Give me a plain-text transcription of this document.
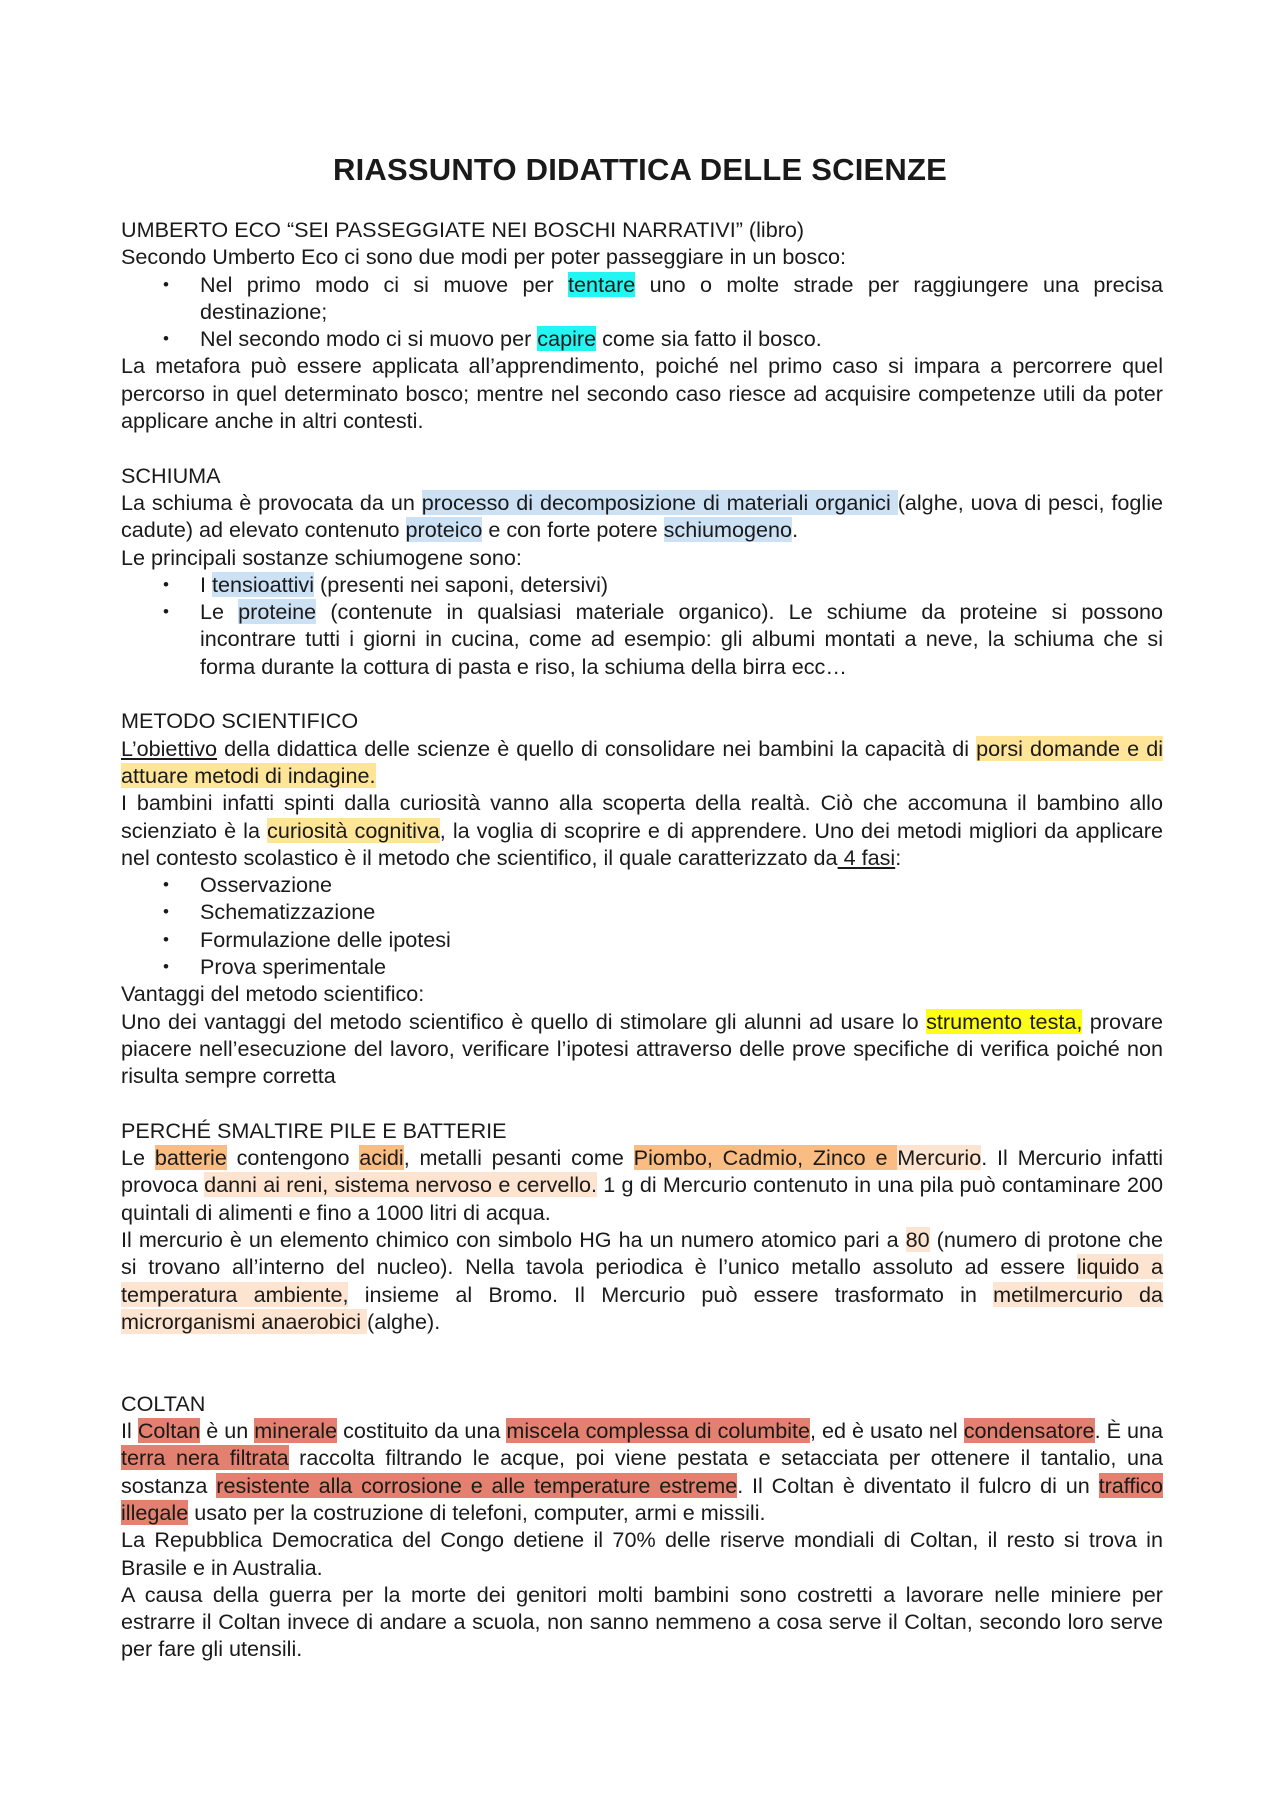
RIASSUNTO DIDATTICA DELLE SCIENZE
UMBERTO ECO “SEI PASSEGGIATE NEI BOSCHI NARRATIVI” (libro)

Secondo Umberto Eco ci sono due modi per poter passeggiare in un bosco:

• Nel primo modo ci si muove per tentare uno o molte strade per raggiungere una precisa destinazione;
• Nel secondo modo ci si muovo per capire come sia fatto il bosco.

La metafora può essere applicata all’apprendimento, poiché nel primo caso si impara a percorrere quel percorso in quel determinato bosco; mentre nel secondo caso riesce ad acquisire competenze utili da poter applicare anche in altri contesti.

SCHIUMA

La schiuma è provocata da un processo di decomposizione di materiali organici (alghe, uova di pesci, foglie cadute) ad elevato contenuto proteico e con forte potere schiumogeno.

Le principali sostanze schiumogene sono:

• I tensioattivi (presenti nei saponi, detersivi)
• Le proteine (contenute in qualsiasi materiale organico). Le schiume da proteine si possono incontrare tutti i giorni in cucina, come ad esempio: gli albumi montati a neve, la schiuma che si forma durante la cottura di pasta e riso, la schiuma della birra ecc…
METODO SCIENTIFICO

L’obiettivo della didattica delle scienze è quello di consolidare nei bambini la capacità di porsi domande e di attuare metodi di indagine.

I bambini infatti spinti dalla curiosità vanno alla scoperta della realtà. Ciò che accomuna il bambino allo scienziato è la curiosità cognitiva, la voglia di scoprire e di apprendere. Uno dei metodi migliori da applicare nel contesto scolastico è il metodo che scientifico, il quale caratterizzato da 4 fasi:

• Osservazione
• Schematizzazione
• Formulazione delle ipotesi
• Prova sperimentale

Vantaggi del metodo scientifico:

Uno dei vantaggi del metodo scientifico è quello di stimolare gli alunni ad usare lo strumento testa, provare piacere nell’esecuzione del lavoro, verificare l’ipotesi attraverso delle prove specifiche di verifica poiché non risulta sempre corretta

PERCHÉ SMALTIRE PILE E BATTERIE

Le batterie contengono acidi, metalli pesanti come Piombo, Cadmio, Zinco e Mercurio. Il Mercurio infatti provoca danni ai reni, sistema nervoso e cervello. 1 g di Mercurio contenuto in una pila può contaminare 200 quintali di alimenti e fino a 1000 litri di acqua.

Il mercurio è un elemento chimico con simbolo HG ha un numero atomico pari a 80 (numero di protone che si trovano all’interno del nucleo). Nella tavola periodica è l’unico metallo assoluto ad essere liquido a temperatura ambiente, insieme al Bromo. Il Mercurio può essere trasformato in metilmercurio da microrganismi anaerobici (alghe).

COLTAN

Il Coltan è un minerale costituito da una miscela complessa di columbite, ed è usato nel condensatore. È una terra nera filtrata raccolta filtrando le acque, poi viene pestata e setacciata per ottenere il tantalio, una sostanza resistente alla corrosione e alle temperature estreme. Il Coltan è diventato il fulcro di un traffico illegale usato per la costruzione di telefoni, computer, armi e missili.

La Repubblica Democratica del Congo detiene il 70% delle riserve mondiali di Coltan, il resto si trova in Brasile e in Australia.

A causa della guerra per la morte dei genitori molti bambini sono costretti a lavorare nelle miniere per estrarre il Coltan invece di andare a scuola, non sanno nemmeno a cosa serve il Coltan, secondo loro serve per fare gli utensili.
